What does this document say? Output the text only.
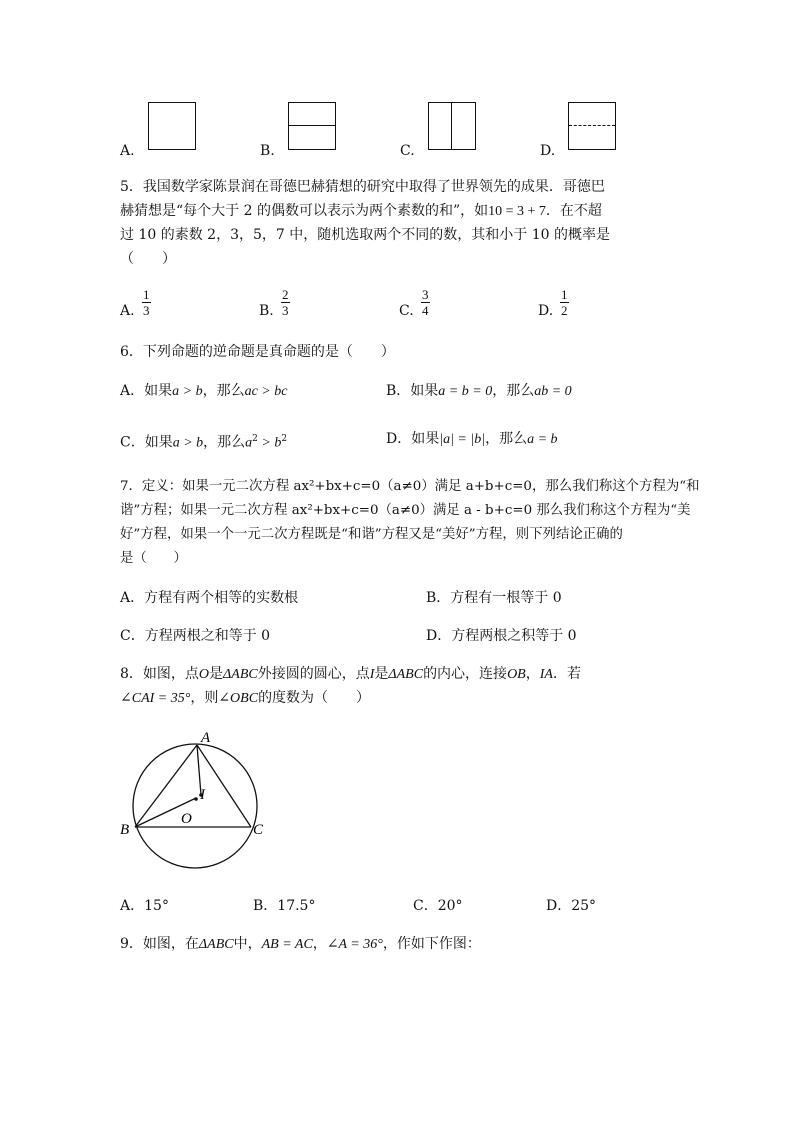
A.	B.	C.	D.
5．我国数学家陈景润在哥德巴赫猜想的研究中取得了世界领先的成果．哥德巴
赫猜想是“每个大于 2 的偶数可以表示为两个素数的和”，如10 = 3 + 7．在不超
过 10 的素数 2，3，5，7 中，随机选取两个不同的数，其和小于 10 的概率是
（　　）
A.
1
3	B.
2
3	C.
3
4	D.
1
2
6．下列命题的逆命题是真命题的是（　　）
A．如果a > b，那么ac > bc	B．如果a = b = 0，那么ab = 0
C．如果a > b，那么$a^2 > b^2$	D．如果|a| = |b|，那么a = b
7．定义：如果一元二次方程 ax²+bx+c=0（a≠0）满足 a+b+c=0，那么我们称这个方程为“和
谐”方程；如果一元二次方程 ax²+bx+c=0（a≠0）满足 a - b+c=0 那么我们称这个方程为“美
好”方程，如果一个一元二次方程既是“和谐”方程又是“美好”方程，则下列结论正确的
是（　　）
A．方程有两个相等的实数根	B．方程有一根等于 0
C．方程两根之和等于 0	D．方程两根之积等于 0
8．如图，点O是ΔABC外接圆的圆心，点I是ΔABC的内心，连接OB，IA．若
∠CAI = 35°，则∠OBC的度数为（　　）
A
B	C
I
O
A．15°	B．17.5°	C．20°	D．25°
9．如图，在ΔABC中，AB = AC，∠A = 36°，作如下作图：
